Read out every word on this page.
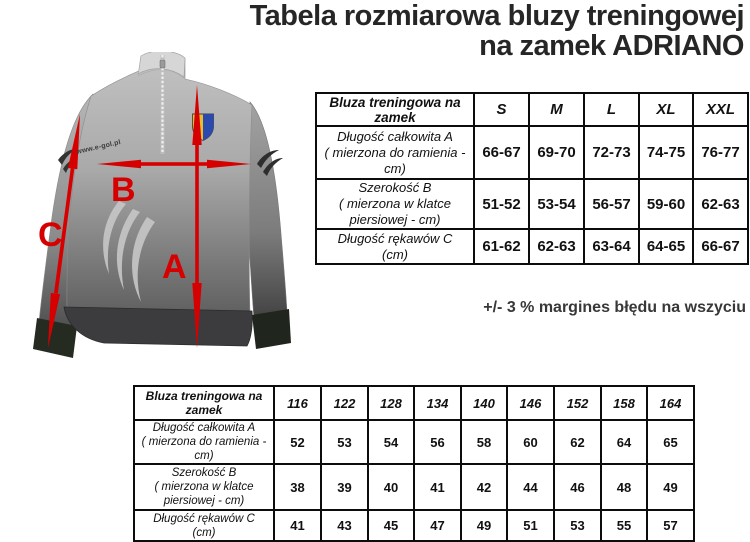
Tabela rozmiarowa bluzy treningowej
na zamek ADRIANO
B
A
C
www.e-gol.pl
Bluza treningowa na zamek	S	M	L	XL	XXL

Długość całkowita A
( mierzona do ramienia - cm)	66-67	69-70	72-73	74-75	76-77

Szerokość B
( mierzona w klatce piersiowej - cm)	51-52	53-54	56-57	59-60	62-63

Długość rękawów C
(cm)	61-62	62-63	63-64	64-65	66-67
+/- 3 % margines błędu na wszyciu
Bluza treningowa na zamek	116	122	128	134	140	146	152	158	164

Długość całkowita A
( mierzona do ramienia - cm)	52	53	54	56	58	60	62	64	65

Szerokość B
( mierzona w klatce piersiowej - cm)	38	39	40	41	42	44	46	48	49

Długość rękawów C
(cm)	41	43	45	47	49	51	53	55	57
